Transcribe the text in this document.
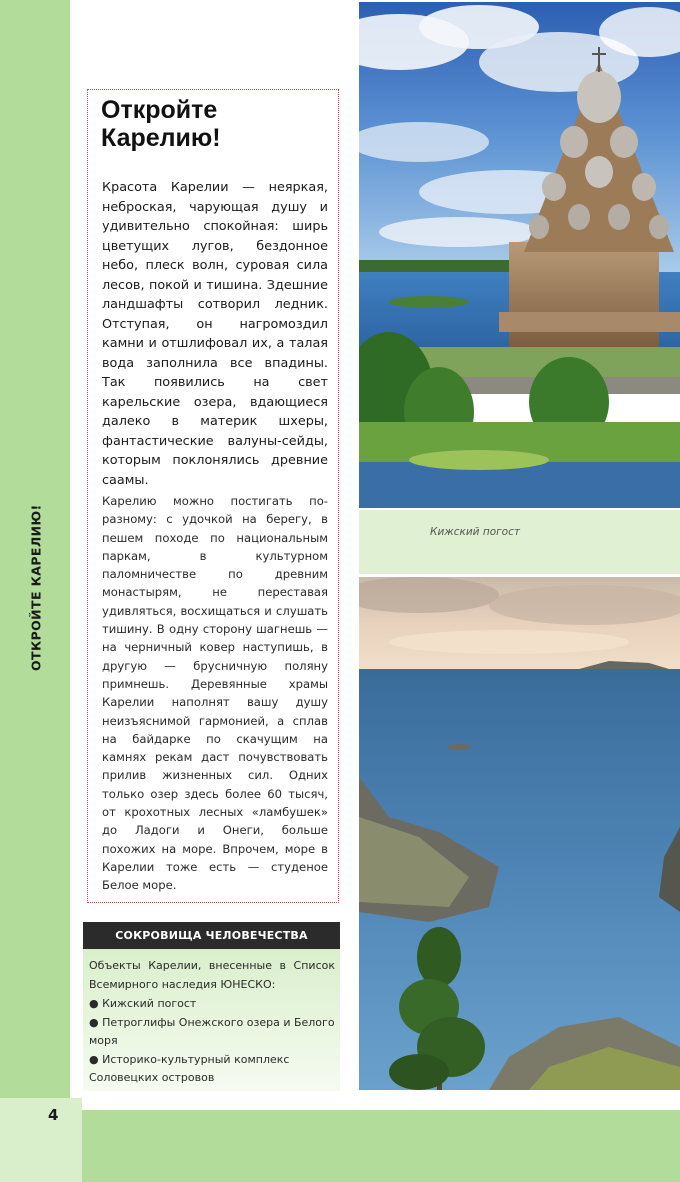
ОТКРОЙТЕ КАРЕЛИЮ!
Откройте Карелию!

Красота Карелии — неяркая, неброская, чарующая душу и удивительно спокойная: ширь цветущих лугов, бездонное небо, плеск волн, суровая сила лесов, покой и тишина. Здешние ландшафты сотворил ледник. Отступая, он нагромоздил камни и отшлифовал их, а талая вода заполнила все впадины. Так появились на свет карельские озера, вдающиеся далеко в материк шхеры, фантастические валуны-сейды, которым поклонялись древние саамы.

Карелию можно постигать по-разному: с удочкой на берегу, в пешем походе по национальным паркам, в культурном паломничестве по древним монастырям, не переставая удивляться, восхищаться и слушать тишину. В одну сторону шагнешь — на черничный ковер наступишь, в другую — брусничную поляну примнешь. Деревянные храмы Карелии наполнят вашу душу неизъяснимой гармонией, а сплав на байдарке по скачущим на камнях рекам даст почувствовать прилив жизненных сил. Одних только озер здесь более 60 тысяч, от крохотных лесных «ламбушек» до Ладоги и Онеги, больше похожих на море. Впрочем, море в Карелии тоже есть — студеное Белое море.

СОКРОВИЩА ЧЕЛОВЕЧЕСТВА

Объекты Карелии, внесенные в Список Всемирного наследия ЮНЕСКО:

● Кижский погост
● Петроглифы Онежского озера и Белого моря
● Историко-культурный комплекс Соловецких островов
Кижский погост
4
